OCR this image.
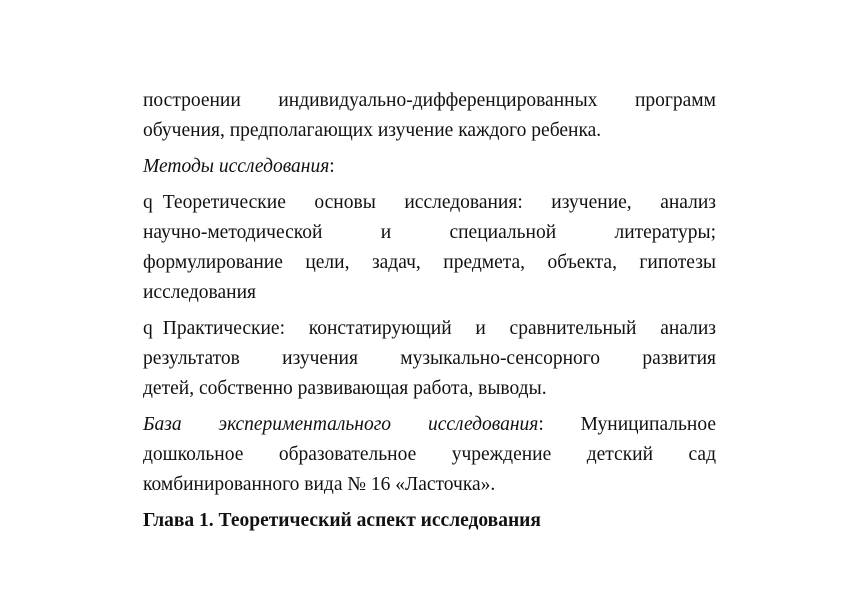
построении индивидуально-дифференцированных программ
обучения, предполагающих изучение каждого ребенка.
Методы исследования:
q Теоретические основы исследования: изучение, анализ
научно-методической и специальной литературы;
формулирование цели, задач, предмета, объекта, гипотезы
исследования
q Практические: констатирующий и сравнительный анализ
результатов изучения музыкально-сенсорного развития
детей, собственно развивающая работа, выводы.
База экспериментального исследования: Муниципальное
дошкольное образовательное учреждение детский сад
комбинированного вида № 16 «Ласточка».
Глава 1. Теоретический аспект исследования
